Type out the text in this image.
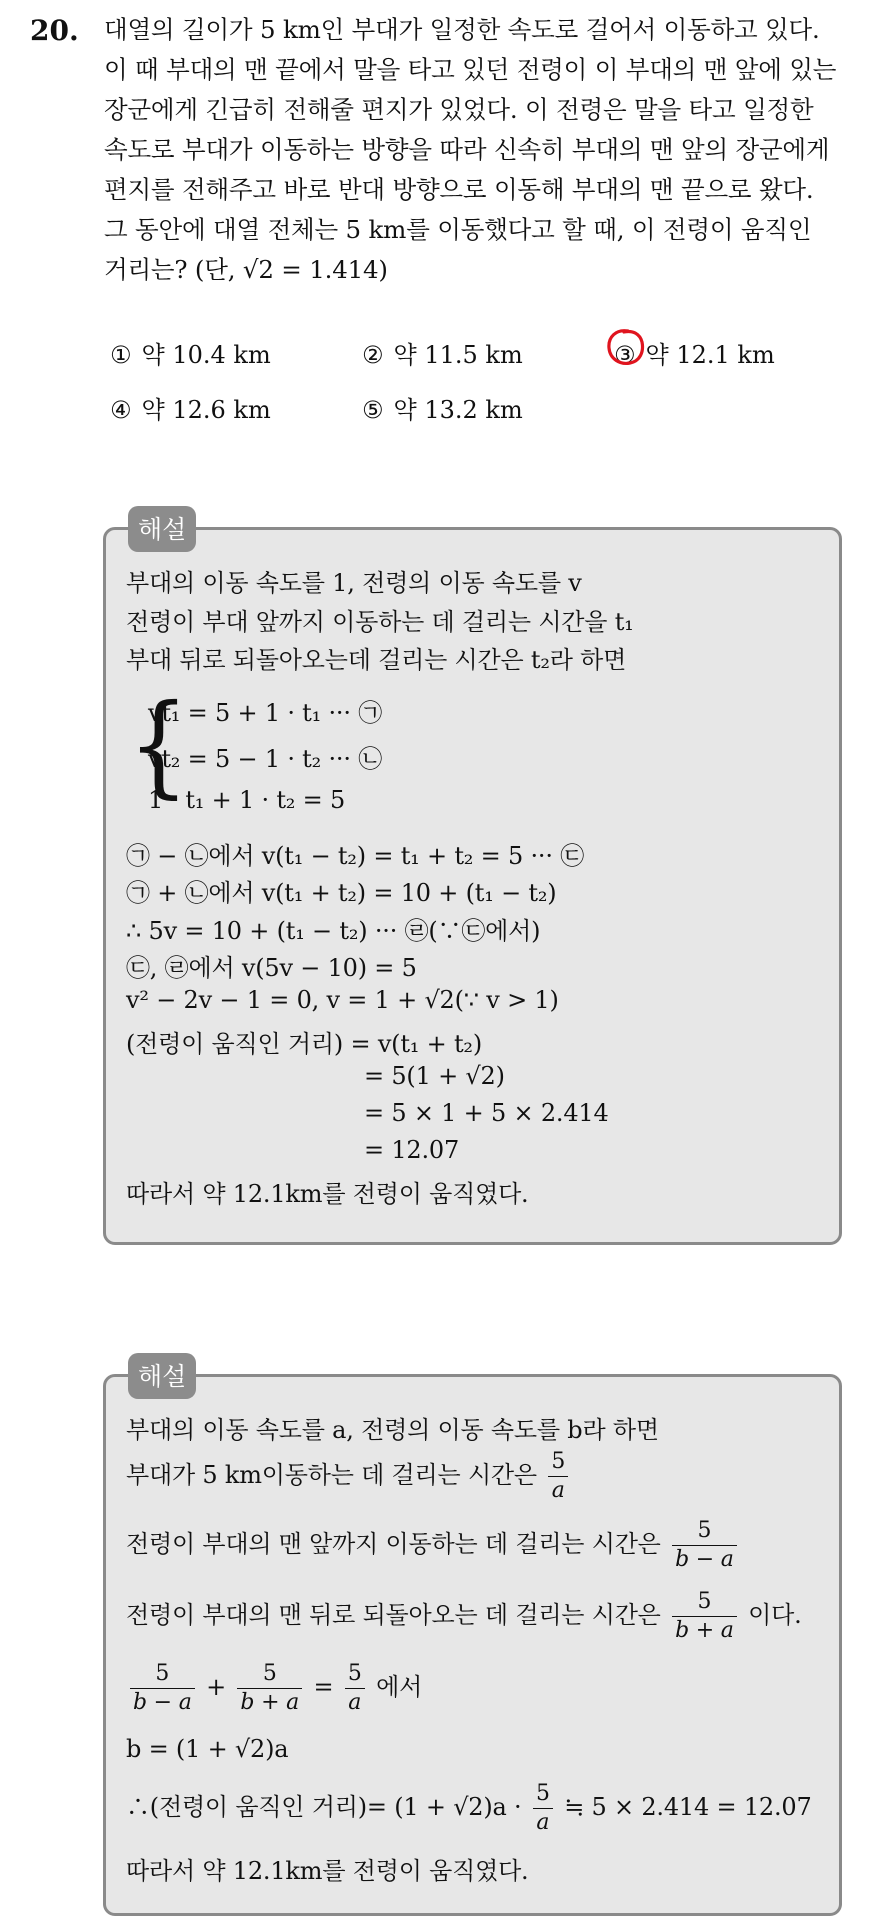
20. 대열의 길이가 5 km인 부대가 일정한 속도로 걸어서 이동하고 있다.
이 때 부대의 맨 끝에서 말을 타고 있던 전령이 이 부대의 맨 앞에 있는
장군에게 긴급히 전해줄 편지가 있었다. 이 전령은 말을 타고 일정한
속도로 부대가 이동하는 방향을 따라 신속히 부대의 맨 앞의 장군에게
편지를 전해주고 바로 반대 방향으로 이동해 부대의 맨 끝으로 왔다.
그 동안에 대열 전체는 5 km를 이동했다고 할 때, 이 전령이 움직인
거리는? (단, √2 = 1.414)
① 약 10.4 km	② 약 11.5 km	③ 약 12.1 km
④ 약 12.6 km	⑤ 약 13.2 km
해설
부대의 이동 속도를 1, 전령의 이동 속도를 v
전령이 부대 앞까지 이동하는 데 걸리는 시간을 t₁
부대 뒤로 되돌아오는데 걸리는 시간은 t₂라 하면
{
vt₁ = 5 + 1 · t₁ ··· ㉠
vt₂ = 5 − 1 · t₂ ··· ㉡
1 · t₁ + 1 · t₂ = 5
㉠ − ㉡에서 v(t₁ − t₂) = t₁ + t₂ = 5 ··· ㉢
㉠ + ㉡에서 v(t₁ + t₂) = 10 + (t₁ − t₂)
∴ 5v = 10 + (t₁ − t₂) ··· ㉣(∵㉢에서)
㉢, ㉣에서 v(5v − 10) = 5
v² − 2v − 1 = 0, v = 1 + √2(∵ v > 1)
(전령이 움직인 거리) = v(t₁ + t₂)
= 5(1 + √2)
= 5 × 1 + 5 × 2.414
= 12.07
따라서 약 12.1km를 전령이 움직였다.
해설
부대의 이동 속도를 a, 전령의 이동 속도를 b라 하면
부대가 5 km이동하는 데 걸리는 시간은 $\frac{5}{a}$
전령이 부대의 맨 앞까지 이동하는 데 걸리는 시간은 $\frac{5}{b - a}$
전령이 부대의 맨 뒤로 되돌아오는 데 걸리는 시간은 $\frac{5}{b + a}$ 이다.
$\frac{5}{b - a} + \frac{5}{b + a} = \frac{5}{a}$ 에서
b = (1 + √2)a
∴(전령이 움직인 거리)= $(1 + √2)a \cdot \frac{5}{a}$ ≒ 5 × 2.414 = 12.07
따라서 약 12.1km를 전령이 움직였다.
